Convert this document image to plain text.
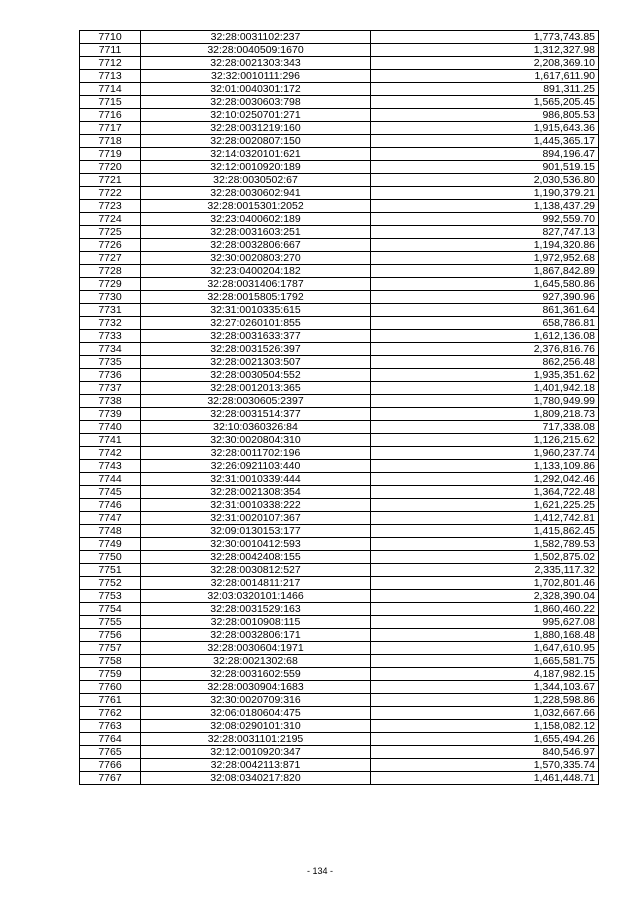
7710	32:28:0031102:237	1,773,743.85
7711	32:28:0040509:1670	1,312,327.98
7712	32:28:0021303:343	2,208,369.10
7713	32:32:0010111:296	1,617,611.90
7714	32:01:0040301:172	891,311.25
7715	32:28:0030603:798	1,565,205.45
7716	32:10:0250701:271	986,805.53
7717	32:28:0031219:160	1,915,643.36
7718	32:28:0020807:150	1,445,365.17
7719	32:14:0320101:621	894,196.47
7720	32:12:0010920:189	901,519.15
7721	32:28:0030502:67	2,030,536.80
7722	32:28:0030602:941	1,190,379.21
7723	32:28:0015301:2052	1,138,437.29
7724	32:23:0400602:189	992,559.70
7725	32:28:0031603:251	827,747.13
7726	32:28:0032806:667	1,194,320.86
7727	32:30:0020803:270	1,972,952.68
7728	32:23:0400204:182	1,867,842.89
7729	32:28:0031406:1787	1,645,580.86
7730	32:28:0015805:1792	927,390.96
7731	32:31:0010335:615	861,361.64
7732	32:27:0260101:855	658,786.81
7733	32:28:0031633:377	1,612,136.08
7734	32:28:0031526:397	2,376,816.76
7735	32:28:0021303:507	862,256.48
7736	32:28:0030504:552	1,935,351.62
7737	32:28:0012013:365	1,401,942.18
7738	32:28:0030605:2397	1,780,949.99
7739	32:28:0031514:377	1,809,218.73
7740	32:10:0360326:84	717,338.08
7741	32:30:0020804:310	1,126,215.62
7742	32:28:0011702:196	1,960,237.74
7743	32:26:0921103:440	1,133,109.86
7744	32:31:0010339:444	1,292,042.46
7745	32:28:0021308:354	1,364,722.48
7746	32:31:0010338:222	1,621,225.25
7747	32:31:0020107:367	1,412,742.81
7748	32:09:0130153:177	1,415,862.45
7749	32:30:0010412:593	1,582,789.53
7750	32:28:0042408:155	1,502,875.02
7751	32:28:0030812:527	2,335,117.32
7752	32:28:0014811:217	1,702,801.46
7753	32:03:0320101:1466	2,328,390.04
7754	32:28:0031529:163	1,860,460.22
7755	32:28:0010908:115	995,627.08
7756	32:28:0032806:171	1,880,168.48
7757	32:28:0030604:1971	1,647,610.95
7758	32:28:0021302:68	1,665,581.75
7759	32:28:0031602:559	4,187,982.15
7760	32:28:0030904:1683	1,344,103.67
7761	32:30:0020709:316	1,228,598.86
7762	32:06:0180604:475	1,032,667.66
7763	32:08:0290101:310	1,158,082.12
7764	32:28:0031101:2195	1,655,494.26
7765	32:12:0010920:347	840,546.97
7766	32:28:0042113:871	1,570,335.74
7767	32:08:0340217:820	1,461,448.71
- 134 -
